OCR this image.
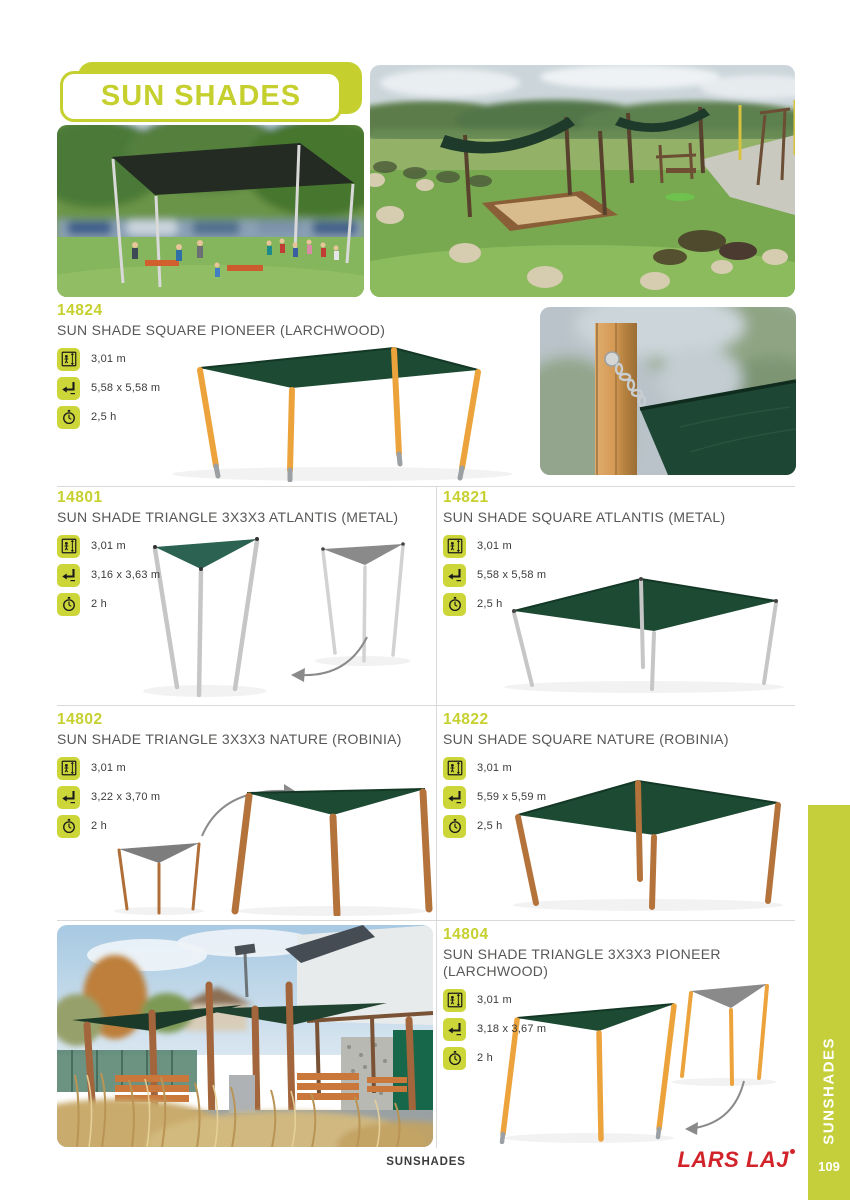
SUN SHADES
14824
SUN SHADE SQUARE PIONEER (LARCHWOOD)
3,01 m
5,58 x 5,58 m
2,5 h
14801
SUN SHADE TRIANGLE 3X3X3 ATLANTIS (METAL)
3,01 m
3,16 x 3,63 m
2 h
14821
SUN SHADE SQUARE ATLANTIS (METAL)
3,01 m
5,58 x 5,58 m
2,5 h
14802
SUN SHADE TRIANGLE 3X3X3 NATURE (ROBINIA)
3,01 m
3,22 x 3,70 m
2 h
14822
SUN SHADE SQUARE NATURE (ROBINIA)
3,01 m
5,59 x 5,59 m
2,5 h
14804
SUN SHADE TRIANGLE 3X3X3 PIONEER (LARCHWOOD)
3,01 m
3,18 x 3,67 m
2 h
SUNSHADES	LARS LAJ
SUNSHADES
109
